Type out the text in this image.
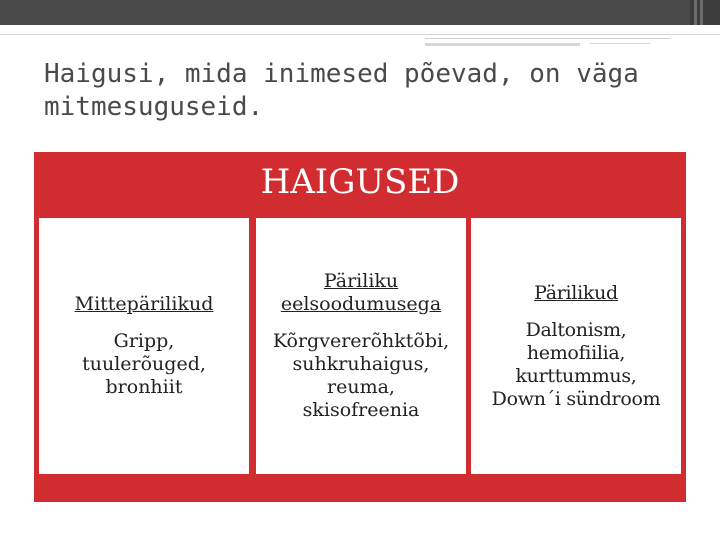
Haigusi, mida inimesed põevad, on väga
mitmesuguseid.
HAIGUSED
Mittepärilikud
Gripp,
tuulerõuged,
bronhiit
Päriliku
eelsoodumusega
Kõrgvererõhktõbi,
suhkruhaigus,
reuma,
skisofreenia
Pärilikud
Daltonism,
hemofiilia,
kurttummus,
Down´i sündroom
